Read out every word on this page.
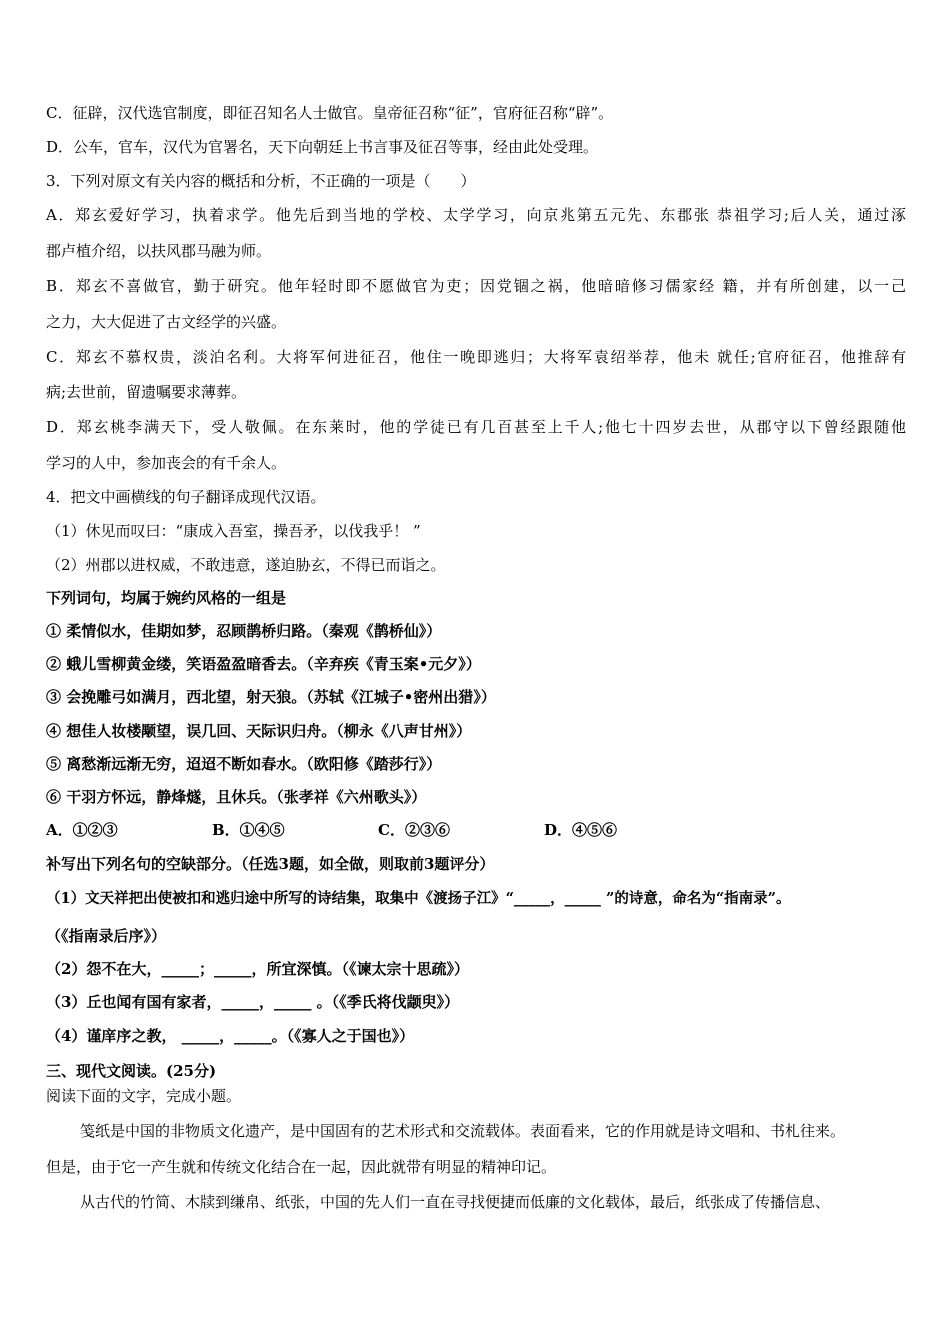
C．征辟，汉代选官制度，即征召知名人士做官。皇帝征召称“征”，官府征召称“辟”。
D．公车，官车，汉代为官署名，天下向朝廷上书言事及征召等事，经由此处受理。
3．下列对原文有关内容的概括和分析，不正确的一项是（　　）
A．郑玄爱好学习，执着求学。他先后到当地的学校、太学学习，向京兆第五元先、东郡张 恭祖学习;后人关，通过涿
郡卢植介绍，以扶风郡马融为师。
B．郑玄不喜做官，勤于研究。他年轻时即不愿做官为吏；因党锢之祸，他暗暗修习儒家经 籍，并有所创建，以一己
之力，大大促进了古文经学的兴盛。
C．郑玄不慕权贵，淡泊名利。大将军何进征召，他住一晚即逃归；大将军袁绍举荐，他未 就任;官府征召，他推辞有
病;去世前，留遗嘱要求薄葬。
D．郑玄桃李满天下，受人敬佩。在东莱时，他的学徒已有几百甚至上千人;他七十四岁去世，从郡守以下曾经跟随他
学习的人中，参加丧会的有千余人。
4．把文中画横线的句子翻译成现代汉语。
（1）休见而叹曰：“康成入吾室，操吾矛，以伐我乎！ ”
（2）州郡以进权威，不敢违意，遂迫胁玄，不得已而诣之。
下列词句，均属于婉约风格的一组是
① 柔情似水，佳期如梦，忍顾鹊桥归路。（秦观《鹊桥仙》）
② 蛾儿雪柳黄金缕，笑语盈盈暗香去。（辛弃疾《青玉案•元夕》）
③ 会挽雕弓如满月，西北望，射天狼。（苏轼《江城子•密州出猎》）
④ 想佳人妆楼颙望，误几回、天际识归舟。（柳永《八声甘州》）
⑤ 离愁渐远渐无穷，迢迢不断如春水。（欧阳修《踏莎行》）
⑥ 干羽方怀远，静烽燧，且休兵。（张孝祥《六州歌头》）
A．①②③	B．①④⑤	C．②③⑥	D．④⑤⑥
补写出下列名句的空缺部分。（任选3题，如全做，则取前3题评分）
（1）文天祥把出使被扣和逃归途中所写的诗结集，取集中《渡扬子江》“_____，_____ ”的诗意，命名为“指南录”。
（《指南录后序》）
（2）怨不在大，_____；_____，所宜深慎。（《谏太宗十思疏》）
（3）丘也闻有国有家者，_____，_____ 。（《季氏将伐颛臾》）
（4）谨庠序之教， _____，_____。（《寡人之于国也》）
三、现代文阅读。(25分)
阅读下面的文字，完成小题。
笺纸是中国的非物质文化遗产，是中国固有的艺术形式和交流载体。表面看来，它的作用就是诗文唱和、书札往来。
但是，由于它一产生就和传统文化结合在一起，因此就带有明显的精神印记。
从古代的竹简、木牍到缣帛、纸张，中国的先人们一直在寻找便捷而低廉的文化载体，最后，纸张成了传播信息、
